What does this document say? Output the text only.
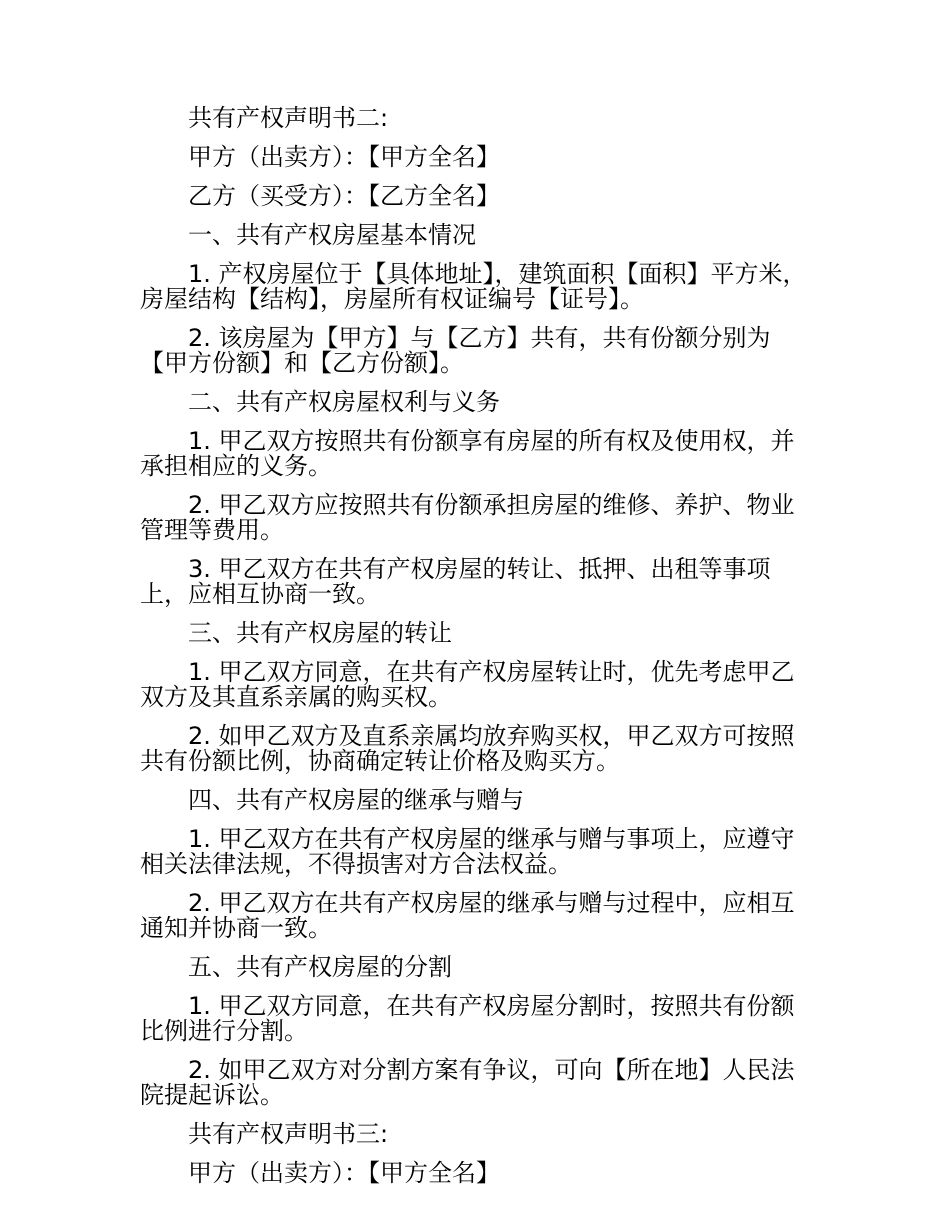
共有产权声明书二:

甲方（出卖方）：【甲方全名】

乙方（买受方）：【乙方全名】

一、共有产权房屋基本情况

1. 产权房屋位于【具体地址】，建筑面积【面积】平方米，房屋结构【结构】，房屋所有权证编号【证号】。

2. 该房屋为【甲方】与【乙方】共有，共有份额分别为【甲方份额】和【乙方份额】。

二、共有产权房屋权利与义务

1. 甲乙双方按照共有份额享有房屋的所有权及使用权，并承担相应的义务。

2. 甲乙双方应按照共有份额承担房屋的维修、养护、物业管理等费用。

3. 甲乙双方在共有产权房屋的转让、抵押、出租等事项上，应相互协商一致。

三、共有产权房屋的转让

1. 甲乙双方同意，在共有产权房屋转让时，优先考虑甲乙双方及其直系亲属的购买权。

2. 如甲乙双方及直系亲属均放弃购买权，甲乙双方可按照共有份额比例，协商确定转让价格及购买方。

四、共有产权房屋的继承与赠与

1. 甲乙双方在共有产权房屋的继承与赠与事项上，应遵守相关法律法规，不得损害对方合法权益。

2. 甲乙双方在共有产权房屋的继承与赠与过程中，应相互通知并协商一致。

五、共有产权房屋的分割

1. 甲乙双方同意，在共有产权房屋分割时，按照共有份额比例进行分割。

2. 如甲乙双方对分割方案有争议，可向【所在地】人民法院提起诉讼。

共有产权声明书三:

甲方（出卖方）：【甲方全名】
